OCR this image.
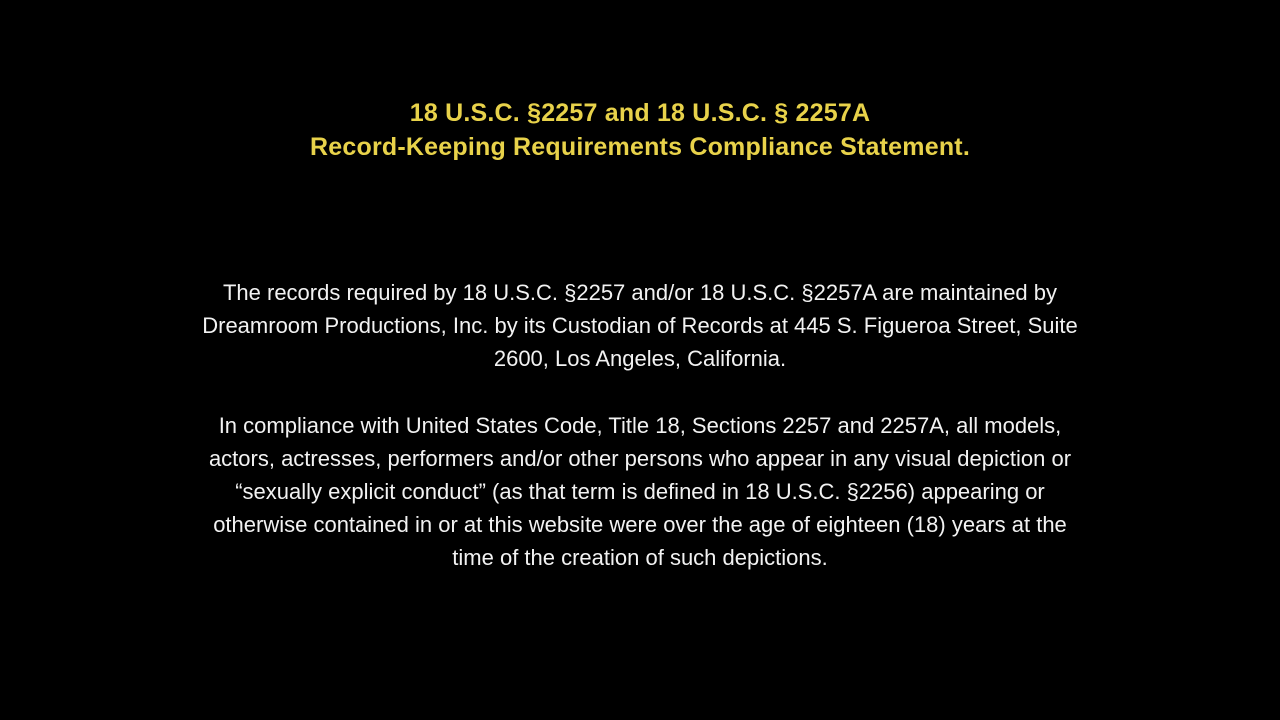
18 U.S.C. §2257 and 18 U.S.C. § 2257A
Record-Keeping Requirements Compliance Statement.

The records required by 18 U.S.C. §2257 and/or 18 U.S.C. §2257A are maintained by Dreamroom Productions, Inc. by its Custodian of Records at 445 S. Figueroa Street, Suite 2600, Los Angeles, California.

In compliance with United States Code, Title 18, Sections 2257 and 2257A, all models, actors, actresses, performers and/or other persons who appear in any visual depiction or “sexually explicit conduct” (as that term is defined in 18 U.S.C. §2256) appearing or otherwise contained in or at this website were over the age of eighteen (18) years at the time of the creation of such depictions.
